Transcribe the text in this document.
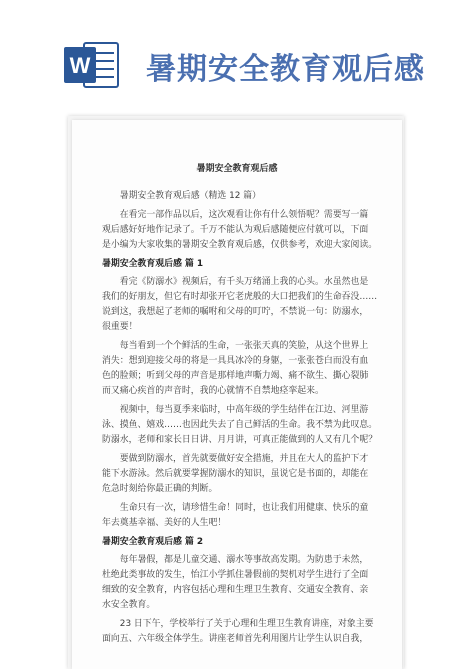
W 暑期安全教育观后感
暑期安全教育观后感
暑期安全教育观后感（精选 12 篇）
在看完一部作品以后，这次观看让你有什么领悟呢？需要写一篇
观后感好好地作记录了。千万不能认为观后感随便应付就可以，下面
是小编为大家收集的暑期安全教育观后感，仅供参考，欢迎大家阅读。
暑期安全教育观后感 篇 1
看完《防溺水》视频后，有千头万绪涌上我的心头。水虽然也是
我们的好朋友，但它有时却张开它老虎般的大口把我们的生命吞没……
说到这，我想起了老师的嘱咐和父母的叮咛，不禁说一句：防溺水，
很重要！
每当看到一个个鲜活的生命，一张张天真的笑脸，从这个世界上
消失：想到迎接父母的将是一具具冰冷的身躯，一张张苍白而没有血
色的脸颊；听到父母的声音是那样地声嘶力竭、痛不欲生、撕心裂肺
而又痛心疾首的声音时，我的心就情不自禁地痉挛起来。
视频中，每当夏季来临时，中高年级的学生结伴在江边、河里游
泳、摸鱼、嬉戏……也因此失去了自己鲜活的生命。我不禁为此叹息。
防溺水，老师和家长日日讲、月月讲，可真正能做到的人又有几个呢？
要做到防溺水，首先就要做好安全措施，并且在大人的监护下才
能下水游泳。然后就要掌握防溺水的知识，虽说它是书面的，却能在
危急时刻给你最正确的判断。
生命只有一次，请珍惜生命！同时，也让我们用健康、快乐的童
年去奠基幸福、美好的人生吧！
暑期安全教育观后感 篇 2
每年暑假，都是儿童交通、溺水等事故高发期。为防患于未然，
杜绝此类事故的发生，怡江小学抓住暑假前的契机对学生进行了全面
细致的安全教育，内容包括心理和生理卫生教育、交通安全教育、亲
水安全教育。
23 日下午，学校举行了关于心理和生理卫生教育讲座，对象主要
面向五、六年级全体学生。讲座老师首先利用图片让学生认识自我，
